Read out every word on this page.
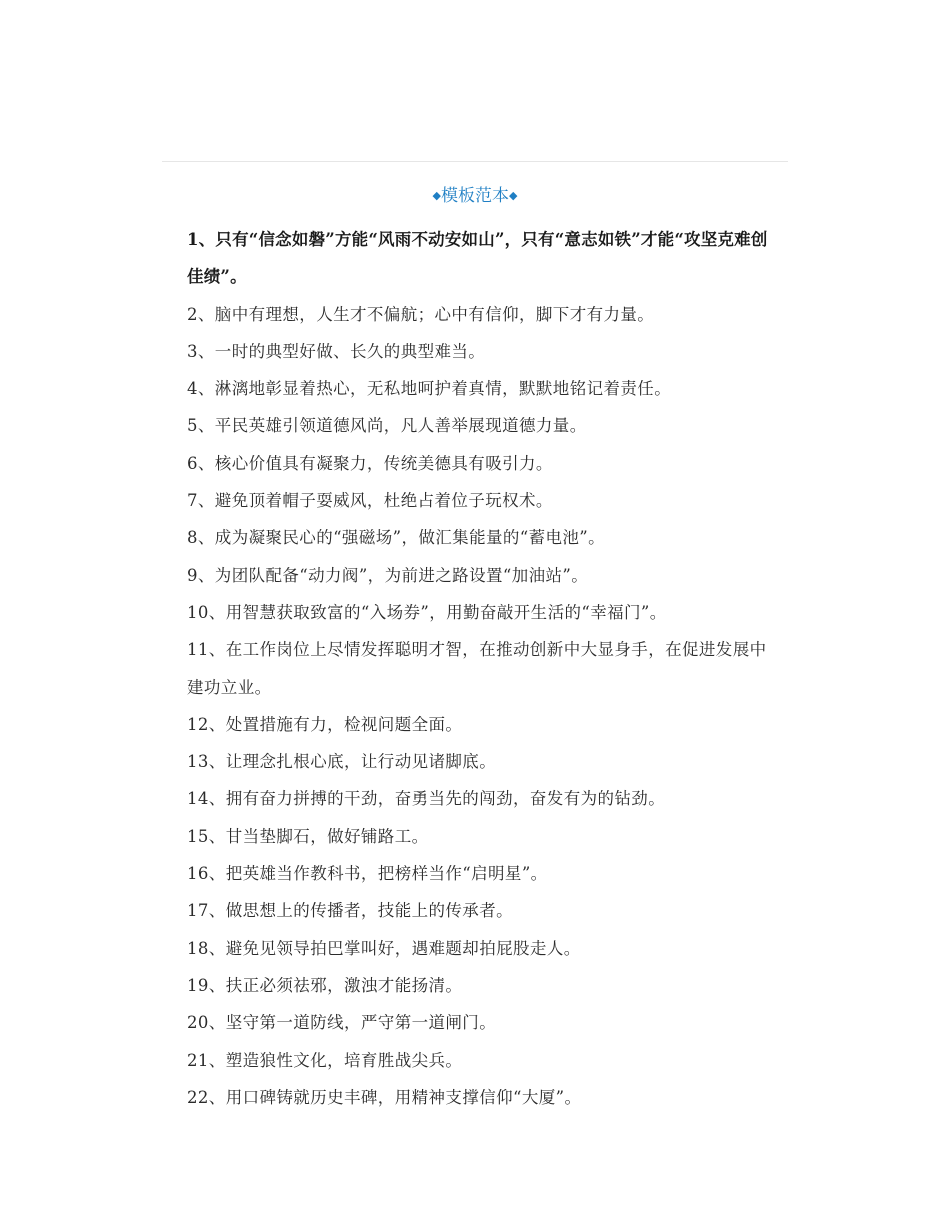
◆模板范本◆
1、只有“信念如磐”方能“风雨不动安如山”，只有“意志如铁”才能“攻坚克难创佳绩”。
2、脑中有理想，人生才不偏航；心中有信仰，脚下才有力量。
3、一时的典型好做、长久的典型难当。
4、淋漓地彰显着热心，无私地呵护着真情，默默地铭记着责任。
5、平民英雄引领道德风尚，凡人善举展现道德力量。
6、核心价值具有凝聚力，传统美德具有吸引力。
7、避免顶着帽子耍威风，杜绝占着位子玩权术。
8、成为凝聚民心的“强磁场”，做汇集能量的“蓄电池”。
9、为团队配备“动力阀”，为前进之路设置“加油站”。
10、用智慧获取致富的“入场券”，用勤奋敲开生活的“幸福门”。
11、在工作岗位上尽情发挥聪明才智，在推动创新中大显身手，在促进发展中建功立业。
12、处置措施有力，检视问题全面。
13、让理念扎根心底，让行动见诸脚底。
14、拥有奋力拼搏的干劲，奋勇当先的闯劲，奋发有为的钻劲。
15、甘当垫脚石，做好铺路工。
16、把英雄当作教科书，把榜样当作“启明星”。
17、做思想上的传播者，技能上的传承者。
18、避免见领导拍巴掌叫好，遇难题却拍屁股走人。
19、扶正必须祛邪，激浊才能扬清。
20、坚守第一道防线，严守第一道闸门。
21、塑造狼性文化，培育胜战尖兵。
22、用口碑铸就历史丰碑，用精神支撑信仰“大厦”。
